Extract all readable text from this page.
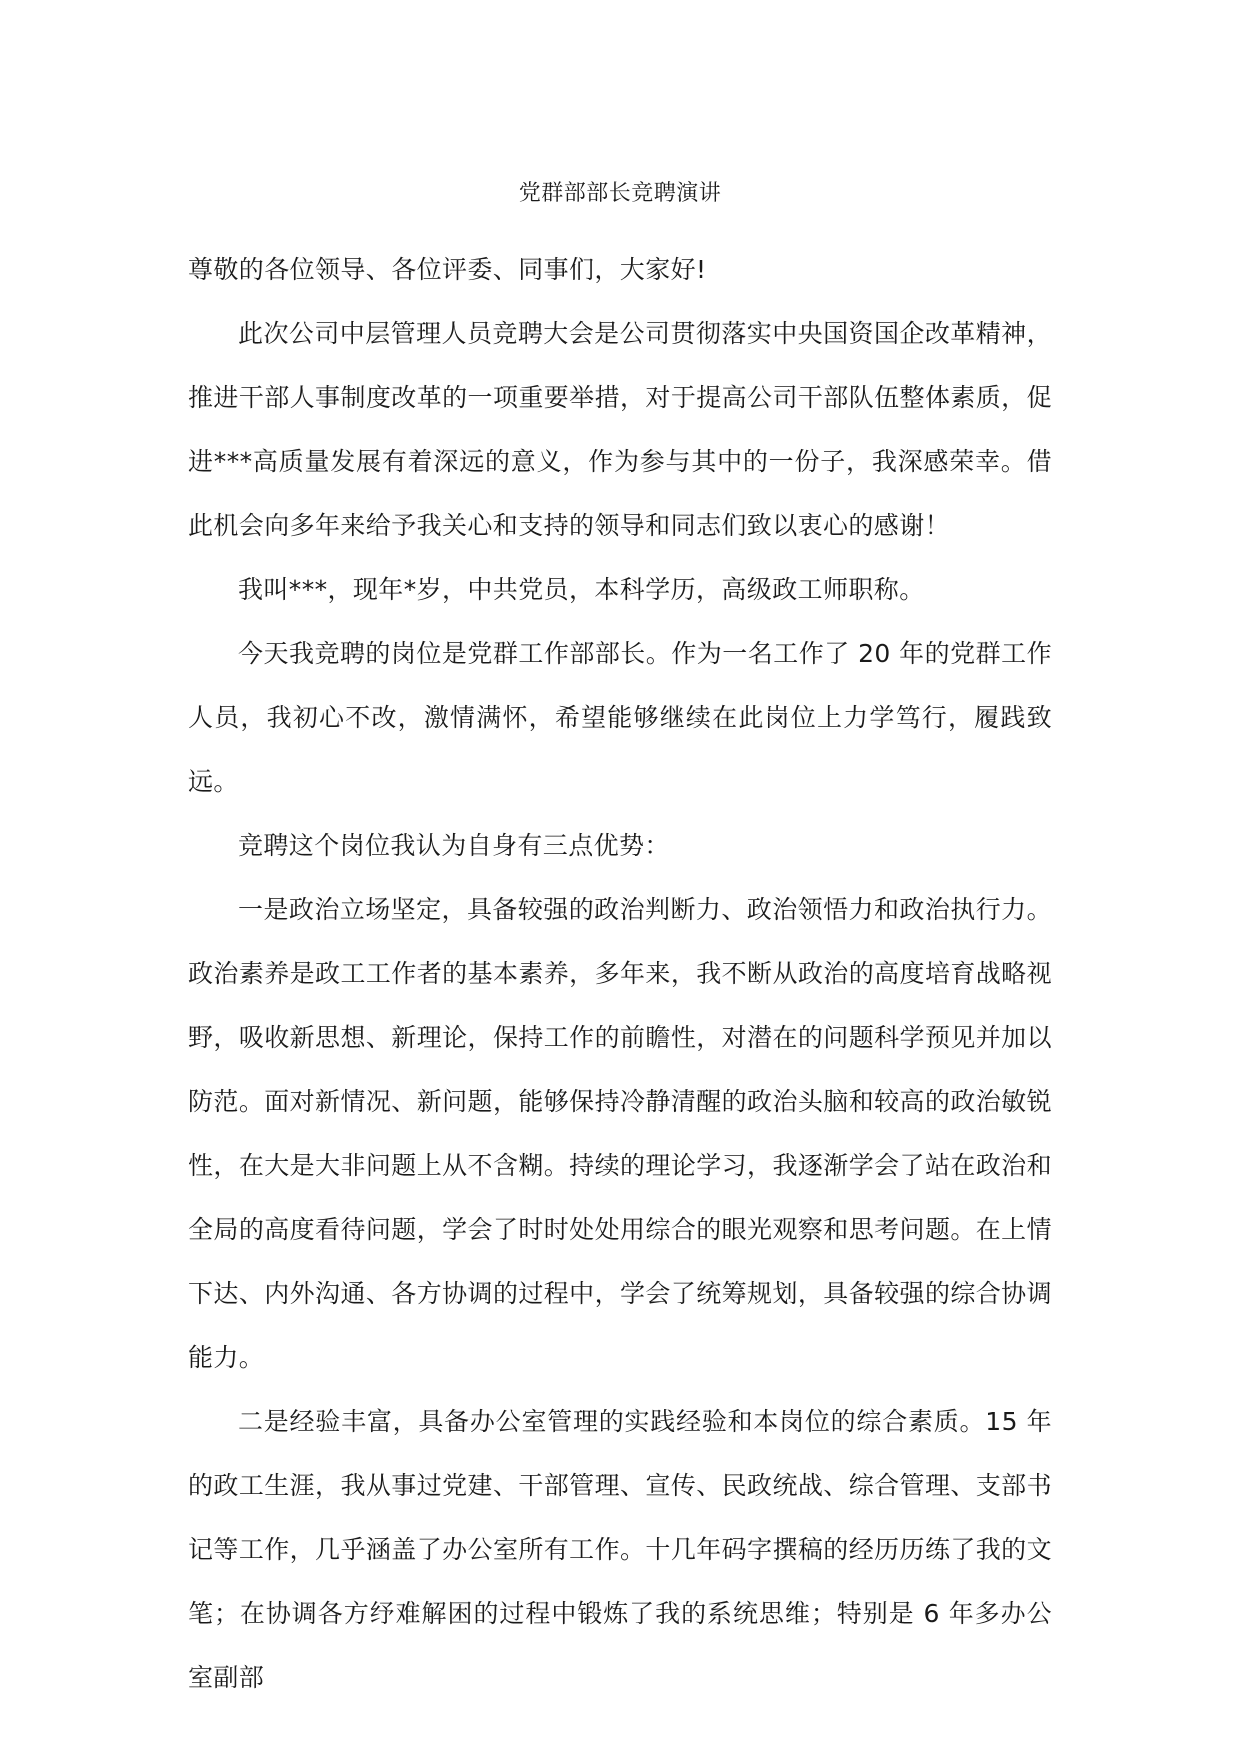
党群部部长竞聘演讲

尊敬的各位领导、各位评委、同事们，大家好!

此次公司中层管理人员竞聘大会是公司贯彻落实中央国资国企改革精神，推进干部人事制度改革的一项重要举措，对于提高公司干部队伍整体素质，促进***高质量发展有着深远的意义，作为参与其中的一份子，我深感荣幸。借此机会向多年来给予我关心和支持的领导和同志们致以衷心的感谢！

我叫***，现年*岁，中共党员，本科学历，高级政工师职称。

今天我竞聘的岗位是党群工作部部长。作为一名工作了 20 年的党群工作人员，我初心不改，激情满怀，希望能够继续在此岗位上力学笃行，履践致远。

竞聘这个岗位我认为自身有三点优势：

一是政治立场坚定，具备较强的政治判断力、政治领悟力和政治执行力。政治素养是政工工作者的基本素养，多年来，我不断从政治的高度培育战略视野，吸收新思想、新理论，保持工作的前瞻性，对潜在的问题科学预见并加以防范。面对新情况、新问题，能够保持冷静清醒的政治头脑和较高的政治敏锐性，在大是大非问题上从不含糊。持续的理论学习，我逐渐学会了站在政治和全局的高度看待问题，学会了时时处处用综合的眼光观察和思考问题。在上情下达、内外沟通、各方协调的过程中，学会了统筹规划，具备较强的综合协调能力。

二是经验丰富，具备办公室管理的实践经验和本岗位的综合素质。15 年的政工生涯，我从事过党建、干部管理、宣传、民政统战、综合管理、支部书记等工作，几乎涵盖了办公室所有工作。十几年码字撰稿的经历历练了我的文笔；在协调各方纾难解困的过程中锻炼了我的系统思维；特别是 6 年多办公室副部
